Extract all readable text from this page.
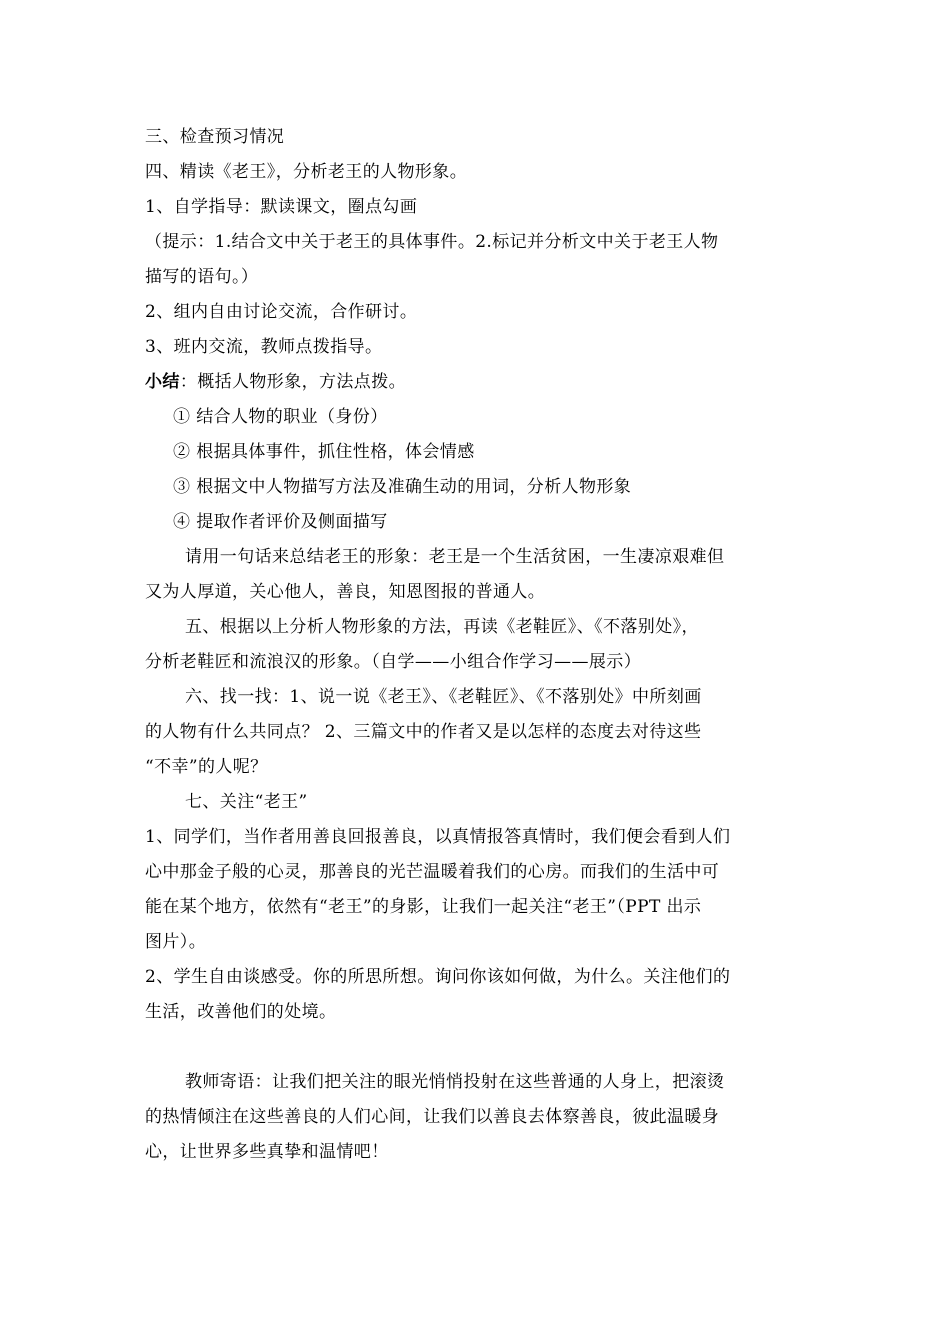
三、检查预习情况
四、精读《老王》，分析老王的人物形象。
1、自学指导：默读课文，圈点勾画
（提示：1.结合文中关于老王的具体事件。2.标记并分析文中关于老王人物
描写的语句。）
2、组内自由讨论交流，合作研讨。
3、班内交流，教师点拨指导。
小结：概括人物形象，方法点拨。
① 结合人物的职业（身份）
② 根据具体事件，抓住性格，体会情感
③ 根据文中人物描写方法及准确生动的用词，分析人物形象
④ 提取作者评价及侧面描写
请用一句话来总结老王的形象：老王是一个生活贫困，一生凄凉艰难但
又为人厚道，关心他人，善良，知恩图报的普通人。
五、根据以上分析人物形象的方法，再读《老鞋匠》、《不落别处》，
分析老鞋匠和流浪汉的形象。（自学——小组合作学习——展示）
六、找一找：1、说一说《老王》、《老鞋匠》、《不落别处》中所刻画
的人物有什么共同点？ 2、三篇文中的作者又是以怎样的态度去对待这些
“不幸”的人呢？
七、关注“老王”
1、同学们，当作者用善良回报善良，以真情报答真情时，我们便会看到人们
心中那金子般的心灵，那善良的光芒温暖着我们的心房。而我们的生活中可
能在某个地方，依然有“老王”的身影，让我们一起关注“老王”（PPT 出示
图片）。
2、学生自由谈感受。你的所思所想。询问你该如何做，为什么。关注他们的
生活，改善他们的处境。
教师寄语：让我们把关注的眼光悄悄投射在这些普通的人身上，把滚烫
的热情倾注在这些善良的人们心间，让我们以善良去体察善良，彼此温暖身
心，让世界多些真挚和温情吧！
